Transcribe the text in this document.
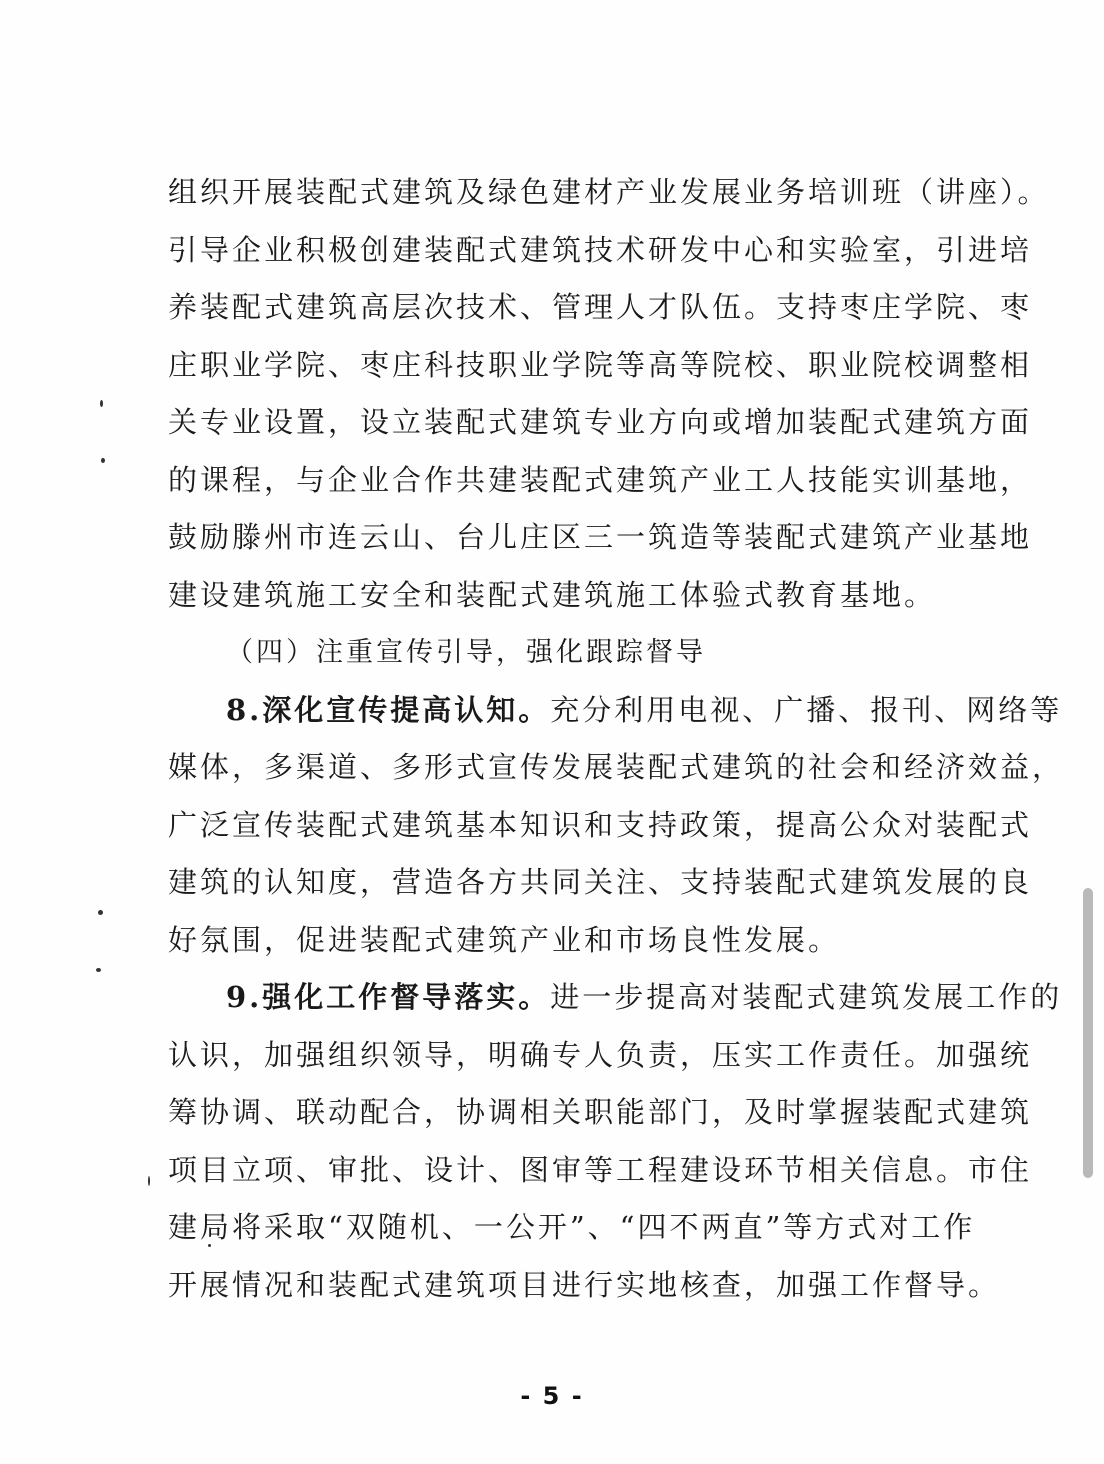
组织开展装配式建筑及绿色建材产业发展业务培训班（讲座）。
引导企业积极创建装配式建筑技术研发中心和实验室，引进培
养装配式建筑高层次技术、管理人才队伍。支持枣庄学院、枣
庄职业学院、枣庄科技职业学院等高等院校、职业院校调整相
关专业设置，设立装配式建筑专业方向或增加装配式建筑方面
的课程，与企业合作共建装配式建筑产业工人技能实训基地，
鼓励滕州市连云山、台儿庄区三一筑造等装配式建筑产业基地
建设建筑施工安全和装配式建筑施工体验式教育基地。
（四）注重宣传引导，强化跟踪督导
8.深化宣传提高认知。充分利用电视、广播、报刊、网络等
媒体，多渠道、多形式宣传发展装配式建筑的社会和经济效益，
广泛宣传装配式建筑基本知识和支持政策，提高公众对装配式
建筑的认知度，营造各方共同关注、支持装配式建筑发展的良
好氛围，促进装配式建筑产业和市场良性发展。
9.强化工作督导落实。进一步提高对装配式建筑发展工作的
认识，加强组织领导，明确专人负责，压实工作责任。加强统
筹协调、联动配合，协调相关职能部门，及时掌握装配式建筑
项目立项、审批、设计、图审等工程建设环节相关信息。市住
建局将采取“双随机、一公开”、“四不两直”等方式对工作
开展情况和装配式建筑项目进行实地核查，加强工作督导。
- 5 -
